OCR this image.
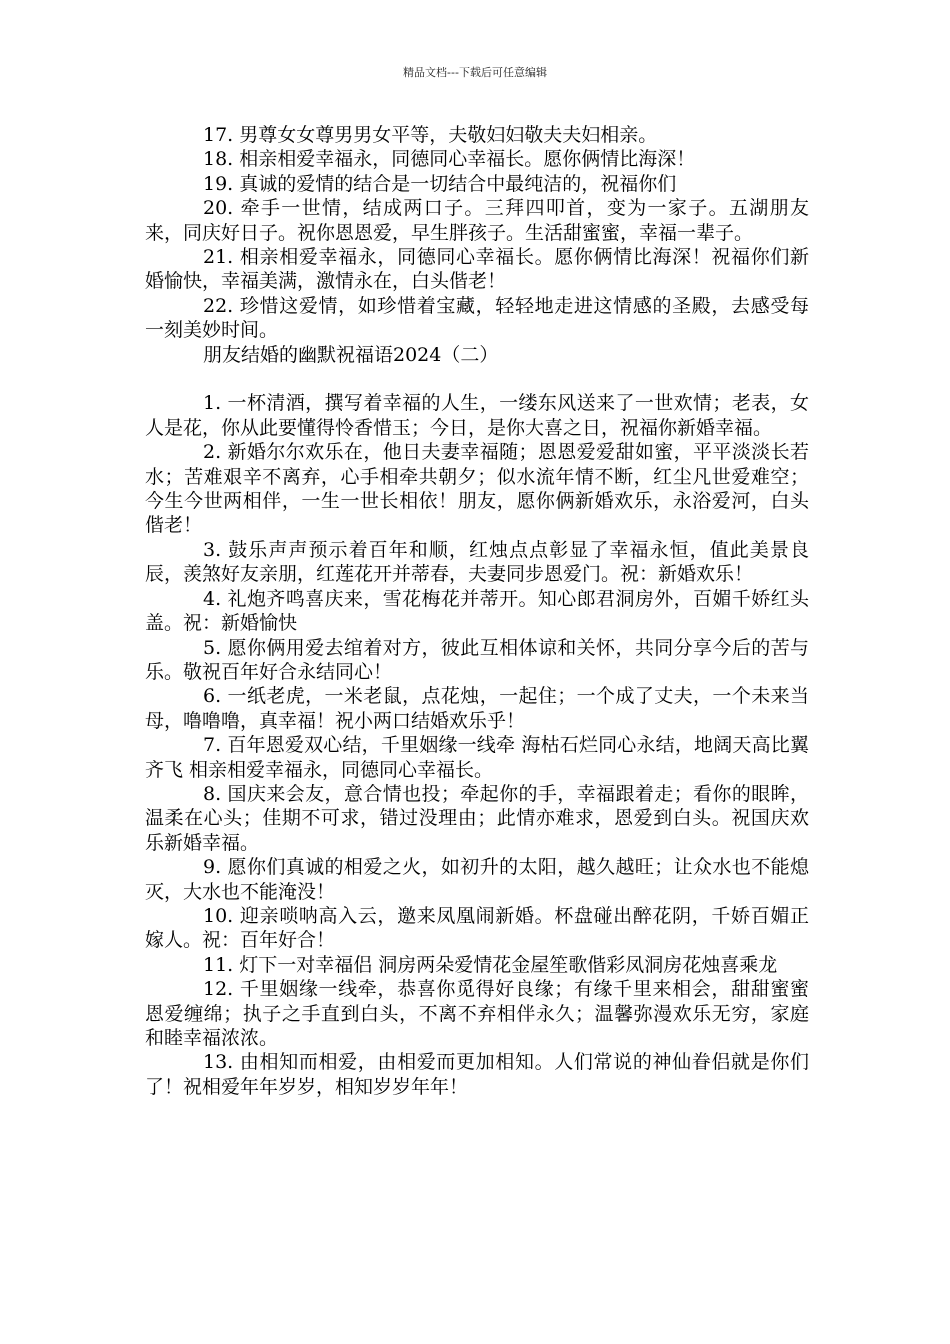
精品文档---下载后可任意编辑

17. 男尊女女尊男男女平等，夫敬妇妇敬夫夫妇相亲。

18. 相亲相爱幸福永，同德同心幸福长。愿你俩情比海深！

19. 真诚的爱情的结合是一切结合中最纯洁的，祝福你们

20. 牵手一世情，结成两口子。三拜四叩首，变为一家子。五湖朋友来，同庆好日子。祝你恩恩爱，早生胖孩子。生活甜蜜蜜，幸福一辈子。

21. 相亲相爱幸福永，同德同心幸福长。愿你俩情比海深！祝福你们新婚愉快，幸福美满，激情永在，白头偕老！

22. 珍惜这爱情，如珍惜着宝藏，轻轻地走进这情感的圣殿，去感受每一刻美妙时间。

朋友结婚的幽默祝福语2024（二）

1. 一杯清酒，撰写着幸福的人生，一缕东风送来了一世欢情；老表，女人是花，你从此要懂得怜香惜玉；今日，是你大喜之日，祝福你新婚幸福。

2. 新婚尔尔欢乐在，他日夫妻幸福随；恩恩爱爱甜如蜜，平平淡淡长若水；苦难艰辛不离弃，心手相牵共朝夕；似水流年情不断，红尘凡世爱难空；今生今世两相伴，一生一世长相依！朋友，愿你俩新婚欢乐，永浴爱河，白头偕老！

3. 鼓乐声声预示着百年和顺，红烛点点彰显了幸福永恒，值此美景良辰，羡煞好友亲朋，红莲花开并蒂春，夫妻同步恩爱门。祝：新婚欢乐！

4. 礼炮齐鸣喜庆来，雪花梅花并蒂开。知心郎君洞房外，百媚千娇红头盖。祝：新婚愉快

5. 愿你俩用爱去绾着对方，彼此互相体谅和关怀，共同分享今后的苦与乐。敬祝百年好合永结同心！

6. 一纸老虎，一米老鼠，点花烛，一起住；一个成了丈夫，一个未来当母，噜噜噜，真幸福！祝小两口结婚欢乐乎！

7. 百年恩爱双心结，千里姻缘一线牵 海枯石烂同心永结，地阔天高比翼齐飞 相亲相爱幸福永，同德同心幸福长。

8. 国庆来会友，意合情也投；牵起你的手，幸福跟着走；看你的眼眸，温柔在心头；佳期不可求，错过没理由；此情亦难求，恩爱到白头。祝国庆欢乐新婚幸福。

9. 愿你们真诚的相爱之火，如初升的太阳，越久越旺；让众水也不能熄灭，大水也不能淹没！

10. 迎亲唢呐高入云，邀来凤凰闹新婚。杯盘碰出醉花阴，千娇百媚正嫁人。祝：百年好合！

11. 灯下一对幸福侣 洞房两朵爱情花金屋笙歌偕彩凤洞房花烛喜乘龙

12. 千里姻缘一线牵，恭喜你觅得好良缘；有缘千里来相会，甜甜蜜蜜恩爱缠绵；执子之手直到白头，不离不弃相伴永久；温馨弥漫欢乐无穷，家庭和睦幸福浓浓。

13. 由相知而相爱，由相爱而更加相知。人们常说的神仙眷侣就是你们了！祝相爱年年岁岁，相知岁岁年年！
